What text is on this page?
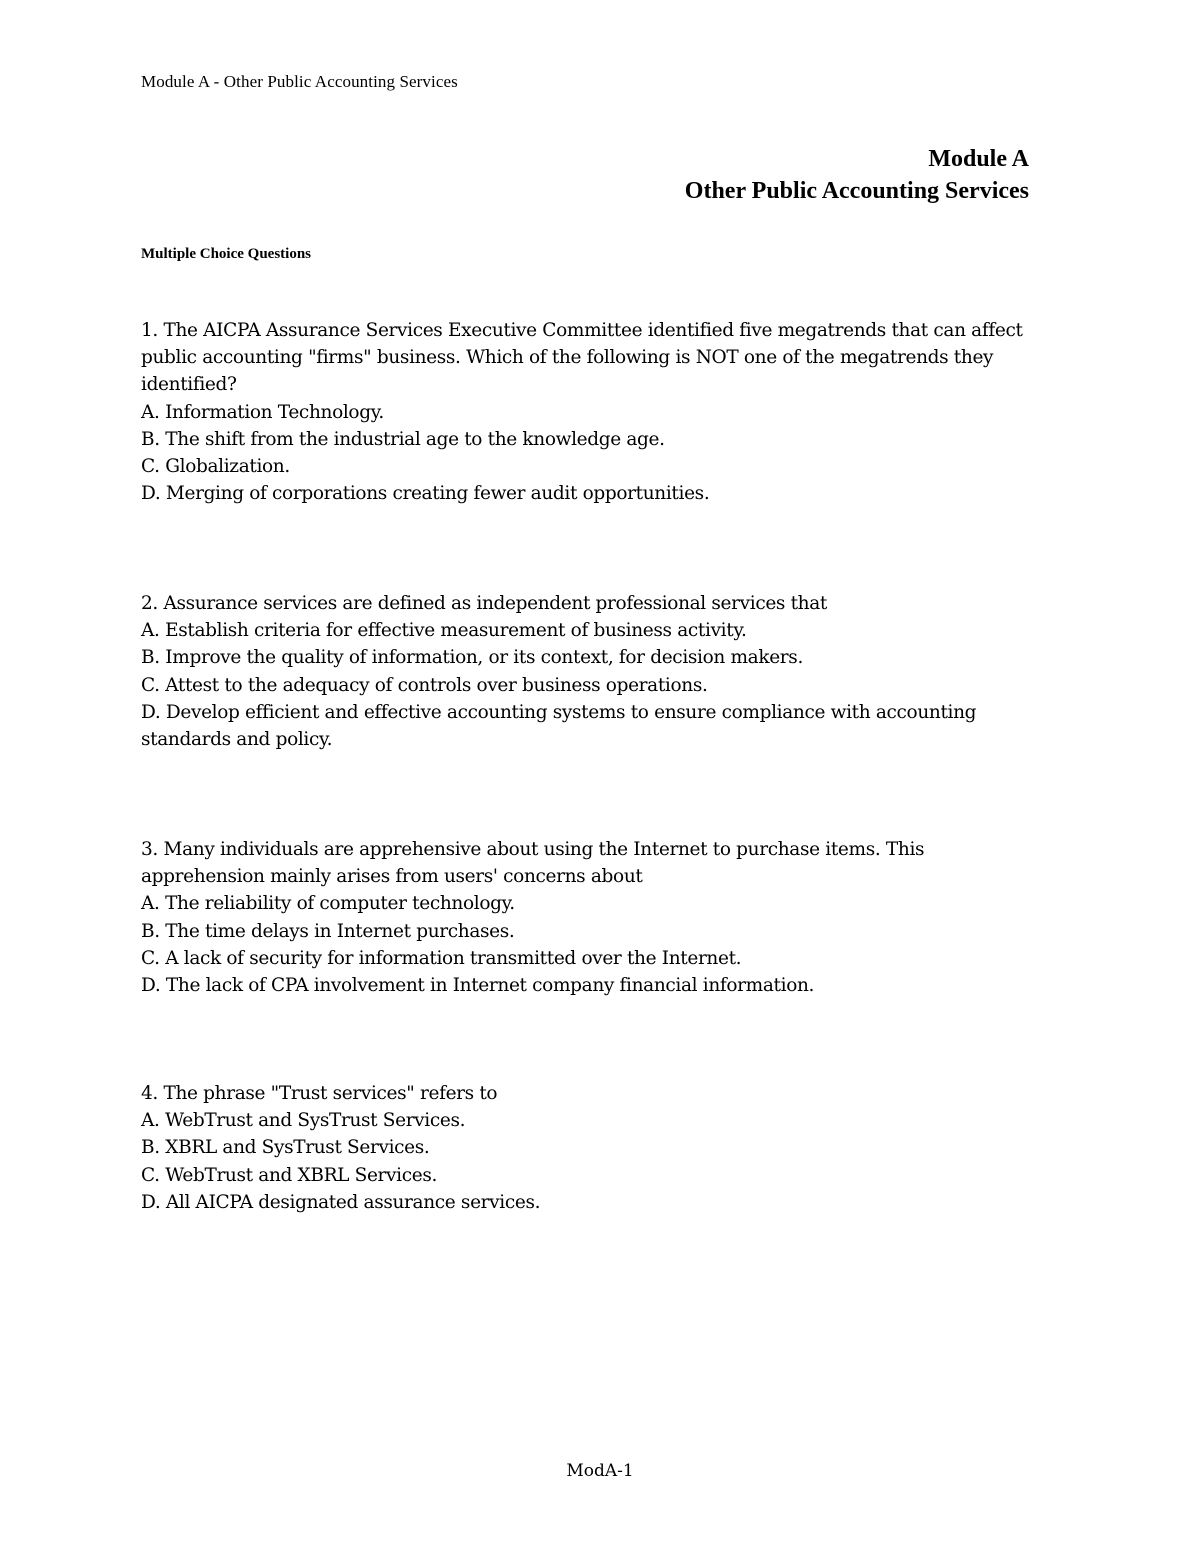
Module A - Other Public Accounting Services
Module A
Other Public Accounting Services
Multiple Choice Questions
1. The AICPA Assurance Services Executive Committee identified five megatrends that can affect public accounting "firms" business. Which of the following is NOT one of the megatrends they identified?
A. Information Technology.
B. The shift from the industrial age to the knowledge age.
C. Globalization.
D. Merging of corporations creating fewer audit opportunities.
2. Assurance services are defined as independent professional services that
A. Establish criteria for effective measurement of business activity.
B. Improve the quality of information, or its context, for decision makers.
C. Attest to the adequacy of controls over business operations.
D. Develop efficient and effective accounting systems to ensure compliance with accounting standards and policy.
3. Many individuals are apprehensive about using the Internet to purchase items. This apprehension mainly arises from users' concerns about
A. The reliability of computer technology.
B. The time delays in Internet purchases.
C. A lack of security for information transmitted over the Internet.
D. The lack of CPA involvement in Internet company financial information.
4. The phrase "Trust services" refers to
A. WebTrust and SysTrust Services.
B. XBRL and SysTrust Services.
C. WebTrust and XBRL Services.
D. All AICPA designated assurance services.
ModA-1
